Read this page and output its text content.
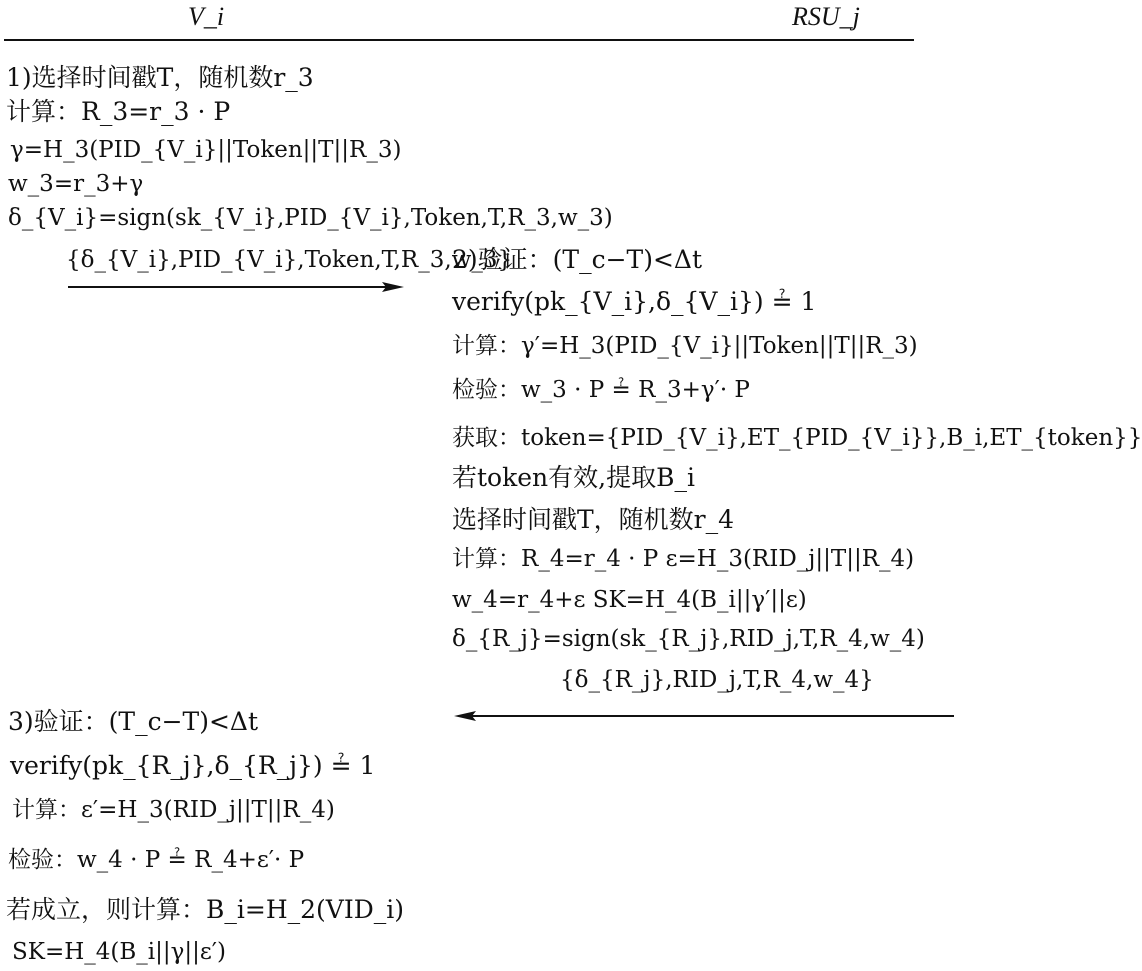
V_i	RSU_j
1)选择时间戳T，随机数r_3
计算：R_3=r_3 · P
γ=H_3(PID_{V_i}||Token||T||R_3)
w_3=r_3+γ
δ_{V_i}=sign(sk_{V_i},PID_{V_i},Token,T,R_3,w_3)
{δ_{V_i},PID_{V_i},Token,T,R_3,w_3}
2)验证：(T_c−T)<Δt
verify(pk_{V_i},δ_{V_i}) ≟ 1
计算：γ′=H_3(PID_{V_i}||Token||T||R_3)
检验：w_3 · P ≟ R_3+γ′· P
获取：token={PID_{V_i},ET_{PID_{V_i}},B_i,ET_{token}}
若token有效,提取B_i
选择时间戳T，随机数r_4
计算：R_4=r_4 · P ε=H_3(RID_j||T||R_4)
w_4=r_4+ε SK=H_4(B_i||γ′||ε)
δ_{R_j}=sign(sk_{R_j},RID_j,T,R_4,w_4)
{δ_{R_j},RID_j,T,R_4,w_4}
3)验证：(T_c−T)<Δt
verify(pk_{R_j},δ_{R_j}) ≟ 1
计算：ε′=H_3(RID_j||T||R_4)
检验：w_4 · P ≟ R_4+ε′· P
若成立，则计算：B_i=H_2(VID_i)
SK=H_4(B_i||γ||ε′)
